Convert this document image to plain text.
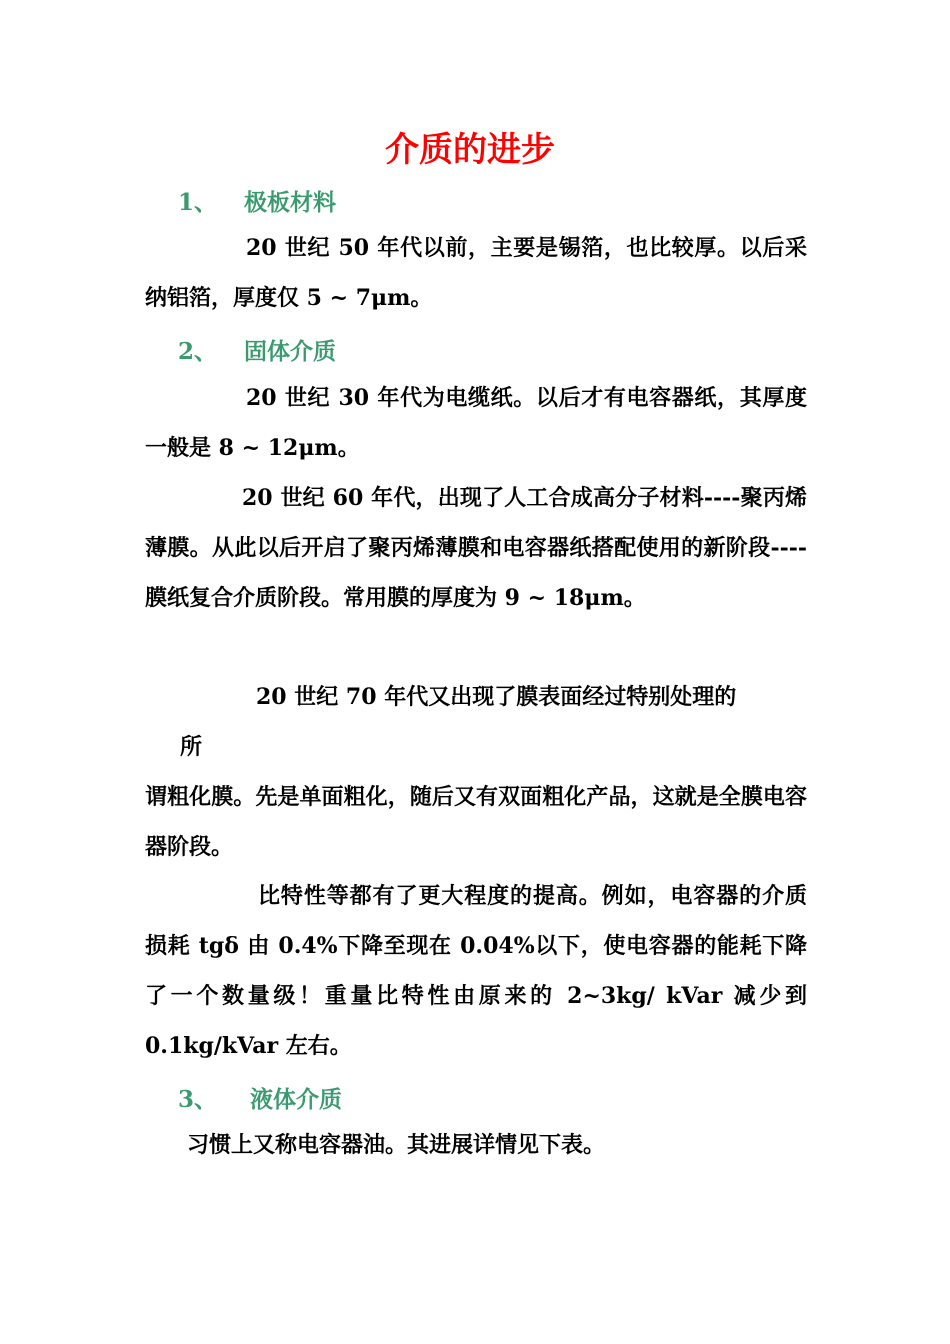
介质的进步
1、 极板材料

20 世纪 50 年代以前，主要是锡箔，也比较厚。以后采纳铝箔，厚度仅 5 ~ 7μm。

2、 固体介质

20 世纪 30 年代为电缆纸。以后才有电容器纸，其厚度一般是 8 ~ 12μm。

20 世纪 60 年代，出现了人工合成高分子材料----聚丙烯薄膜。从此以后开启了聚丙烯薄膜和电容器纸搭配使用的新阶段----膜纸复合介质阶段。常用膜的厚度为 9 ~ 18μm。

20 世纪 70 年代又出现了膜表面经过特别处理的
所

谓粗化膜。先是单面粗化，随后又有双面粗化产品，这就是全膜电容器阶段。

比特性等都有了更大程度的提高。例如，电容器的介质损耗 tgδ 由 0.4%下降至现在 0.04%以下，使电容器的能耗下降了一个数量级！重量比特性由原来的 2~3kg/ kVar 减少到 0.1kg/kVar 左右。

3、 液体介质
习惯上又称电容器油。其进展详情见下表。
